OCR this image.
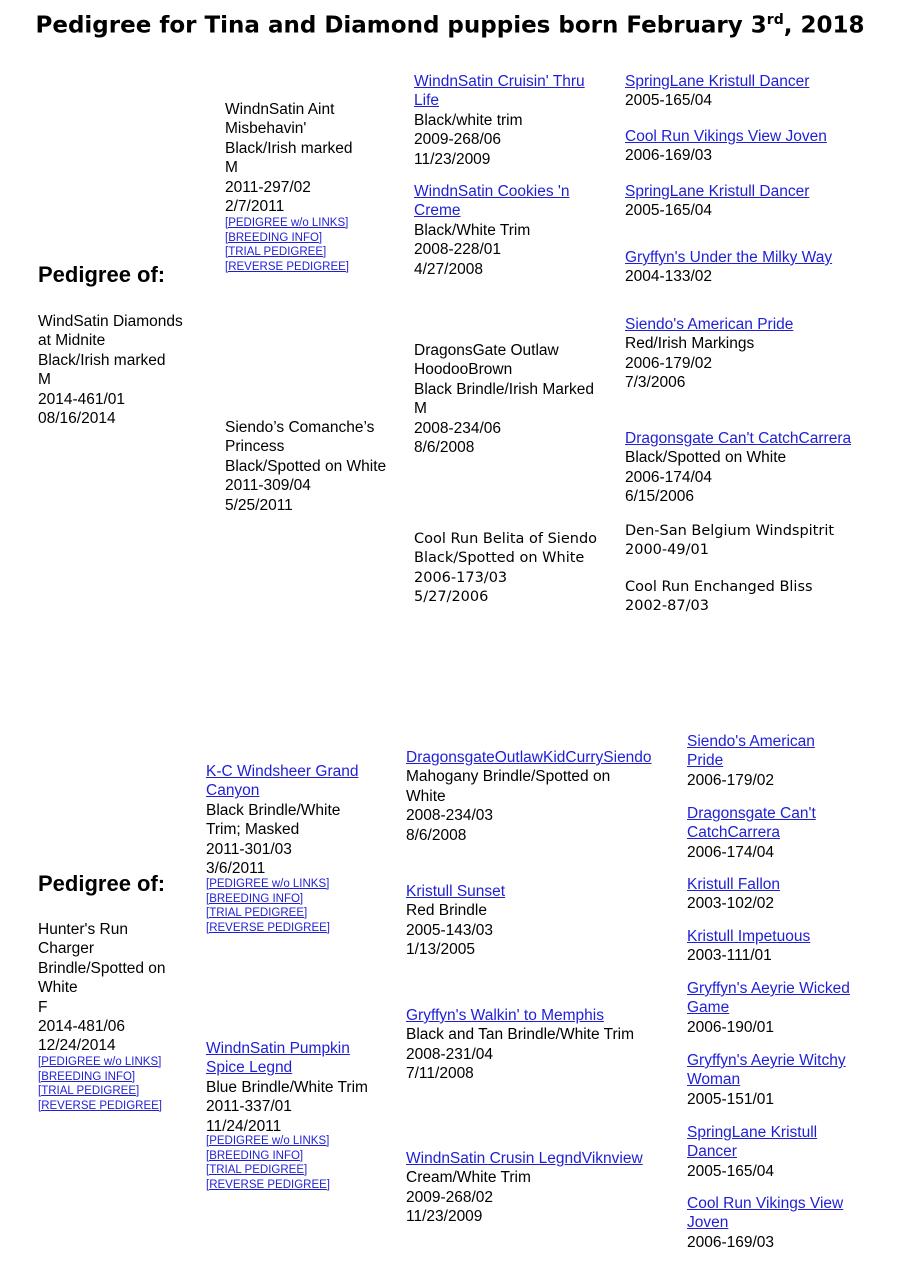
Pedigree for Tina and Diamond puppies born February 3rd, 2018
Pedigree of:
WindSatin Diamonds
at Midnite
Black/Irish marked
M
2014-461/01
08/16/2014
WindnSatin Aint
Misbehavin'
Black/Irish marked
M
2011-297/02
2/7/2011
[PEDIGREE w/o LINKS]
[BREEDING INFO]
[TRIAL PEDIGREE]
[REVERSE PEDIGREE]
Siendo’s Comanche’s
Princess
Black/Spotted on White
2011-309/04
5/25/2011
WindnSatin Cruisin' Thru
Life
Black/white trim
2009-268/06
11/23/2009
WindnSatin Cookies 'n
Creme
Black/White Trim
2008-228/01
4/27/2008
DragonsGate Outlaw
HoodooBrown
Black Brindle/Irish Marked
M
2008-234/06
8/6/2008
Cool Run Belita of Siendo
Black/Spotted on White
2006-173/03
5/27/2006
SpringLane Kristull Dancer
2005-165/04
Cool Run Vikings View Joven
2006-169/03
SpringLane Kristull Dancer
2005-165/04
Gryffyn's Under the Milky Way
2004-133/02
Siendo's American Pride
Red/Irish Markings
2006-179/02
7/3/2006
Dragonsgate Can't CatchCarrera
Black/Spotted on White
2006-174/04
6/15/2006
Den-San Belgium Windspitrit
2000-49/01
Cool Run Enchanged Bliss
2002-87/03
Pedigree of:
Hunter's Run
Charger
Brindle/Spotted on
White
F
2014-481/06
12/24/2014
[PEDIGREE w/o LINKS]
[BREEDING INFO]
[TRIAL PEDIGREE]
[REVERSE PEDIGREE]
K-C Windsheer Grand
Canyon
Black Brindle/White
Trim; Masked
2011-301/03
3/6/2011
[PEDIGREE w/o LINKS]
[BREEDING INFO]
[TRIAL PEDIGREE]
[REVERSE PEDIGREE]
WindnSatin Pumpkin
Spice Legnd
Blue Brindle/White Trim
2011-337/01
11/24/2011
[PEDIGREE w/o LINKS]
[BREEDING INFO]
[TRIAL PEDIGREE]
[REVERSE PEDIGREE]
DragonsgateOutlawKidCurrySiendo
Mahogany Brindle/Spotted on
White
2008-234/03
8/6/2008
Kristull Sunset
Red Brindle
2005-143/03
1/13/2005
Gryffyn's Walkin' to Memphis
Black and Tan Brindle/White Trim
2008-231/04
7/11/2008
WindnSatin Crusin LegndViknview
Cream/White Trim
2009-268/02
11/23/2009
Siendo's American
Pride
2006-179/02
Dragonsgate Can't
CatchCarrera
2006-174/04
Kristull Fallon
2003-102/02
Kristull Impetuous
2003-111/01
Gryffyn's Aeyrie Wicked
Game
2006-190/01
Gryffyn's Aeyrie Witchy
Woman
2005-151/01
SpringLane Kristull
Dancer
2005-165/04
Cool Run Vikings View
Joven
2006-169/03
